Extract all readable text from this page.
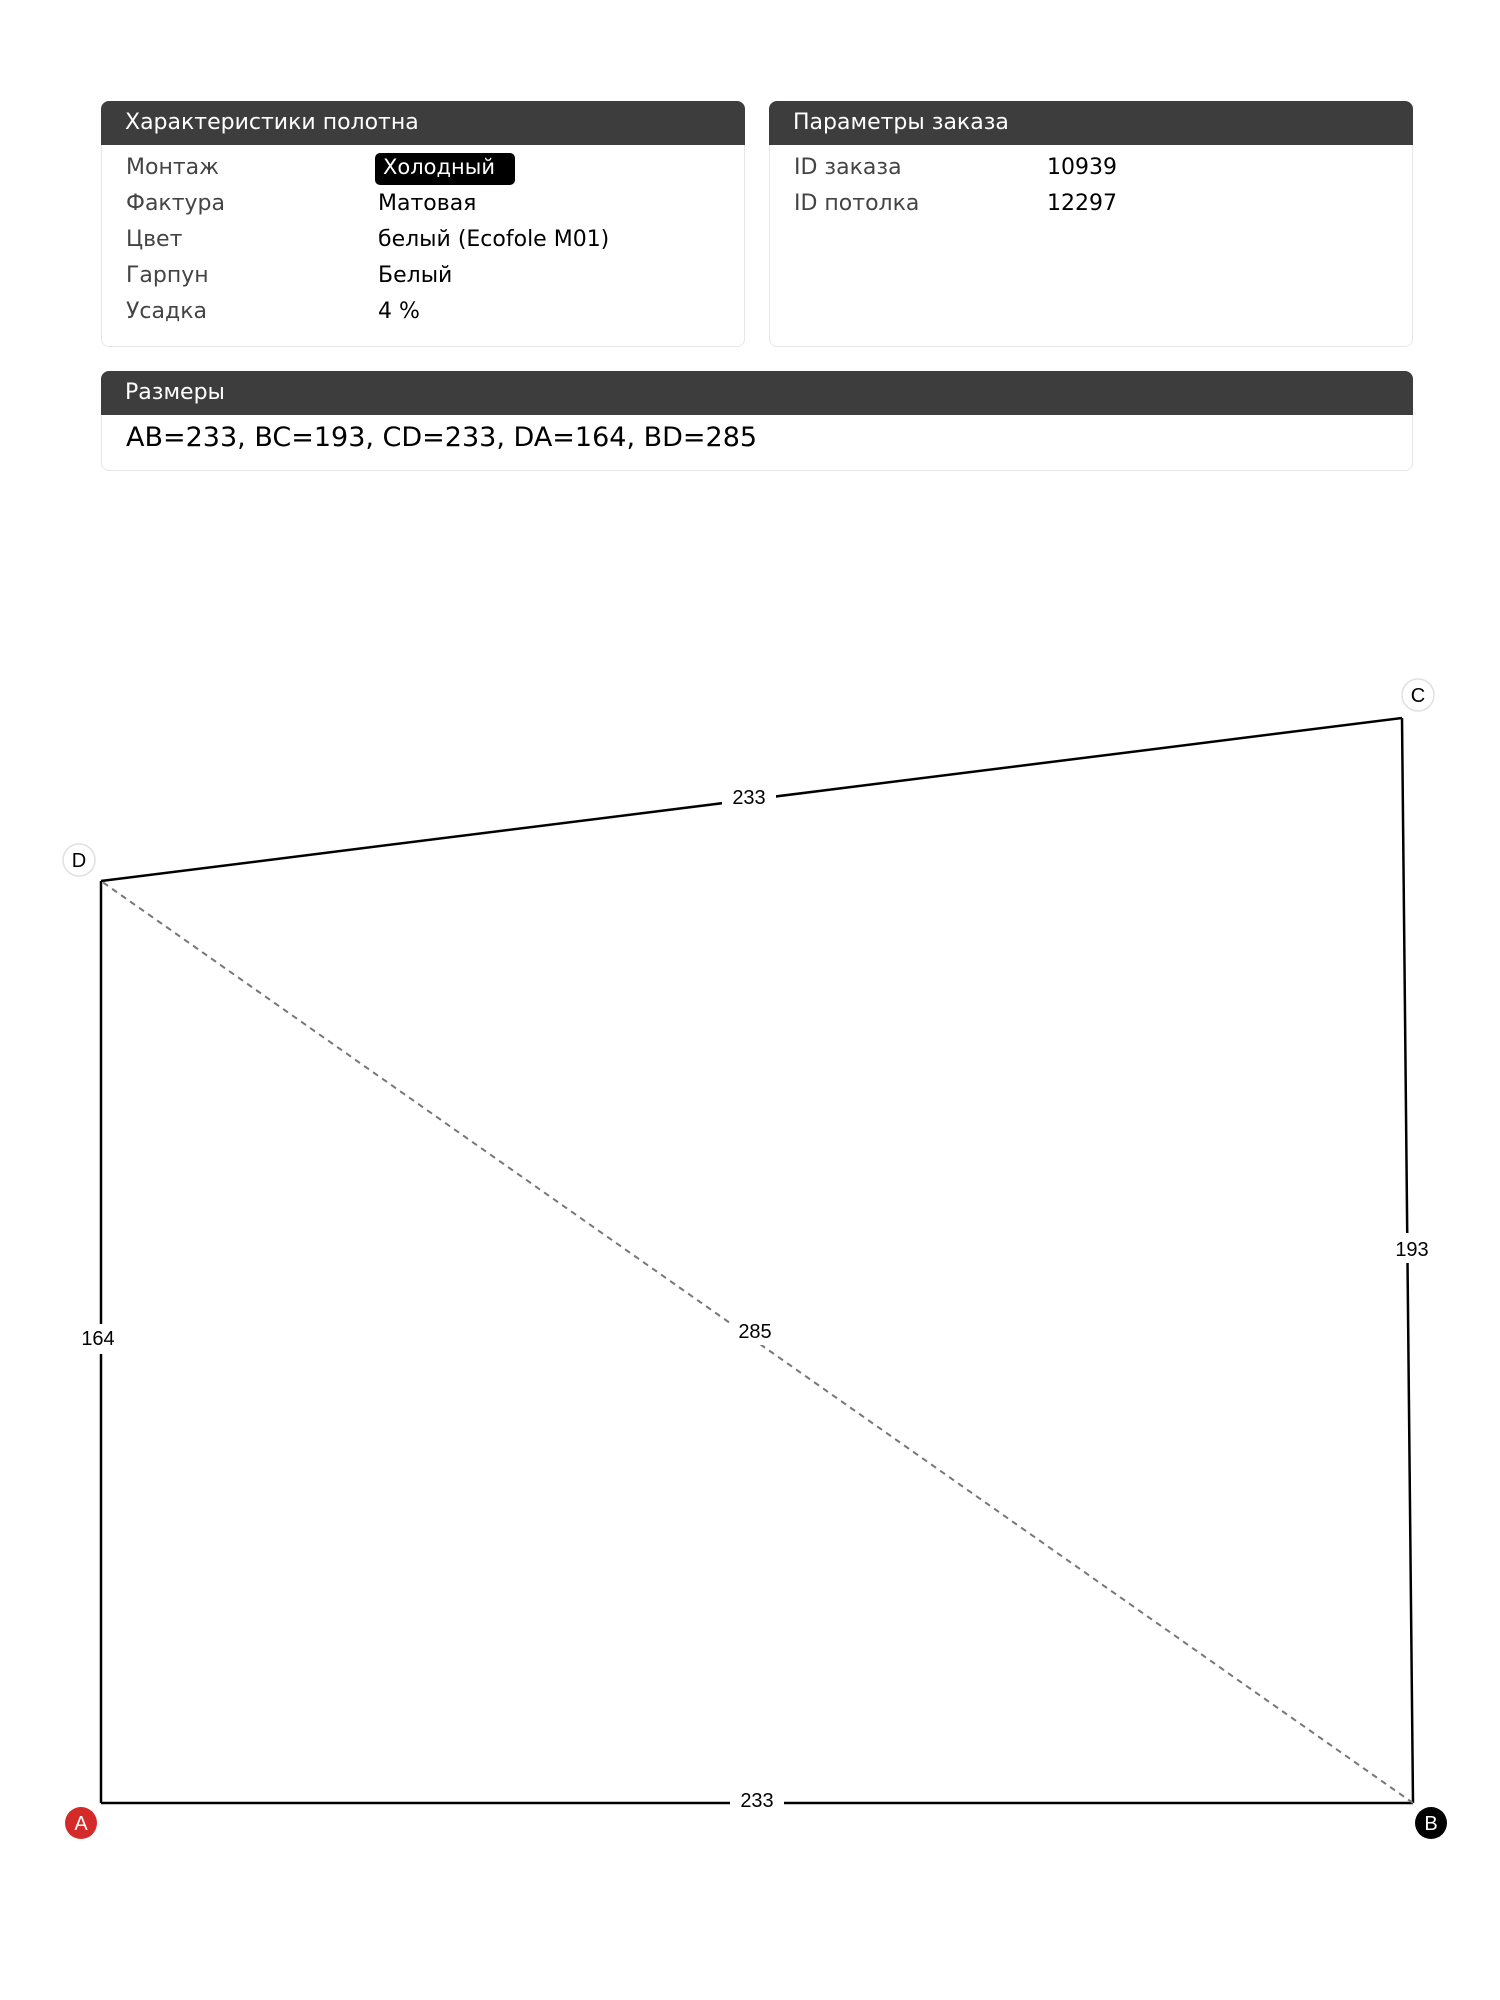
Характеристики полотна
Монтаж	Холодный
Фактура	Матовая
Цвет	белый (Ecofole M01)
Гарпун	Белый
Усадка	4 %
Параметры заказа
ID заказа	10939
ID потолка	12297
Размеры
AB=233, BC=193, CD=233, DA=164, BD=285
233
193
233
164	285
A	B
C
D
